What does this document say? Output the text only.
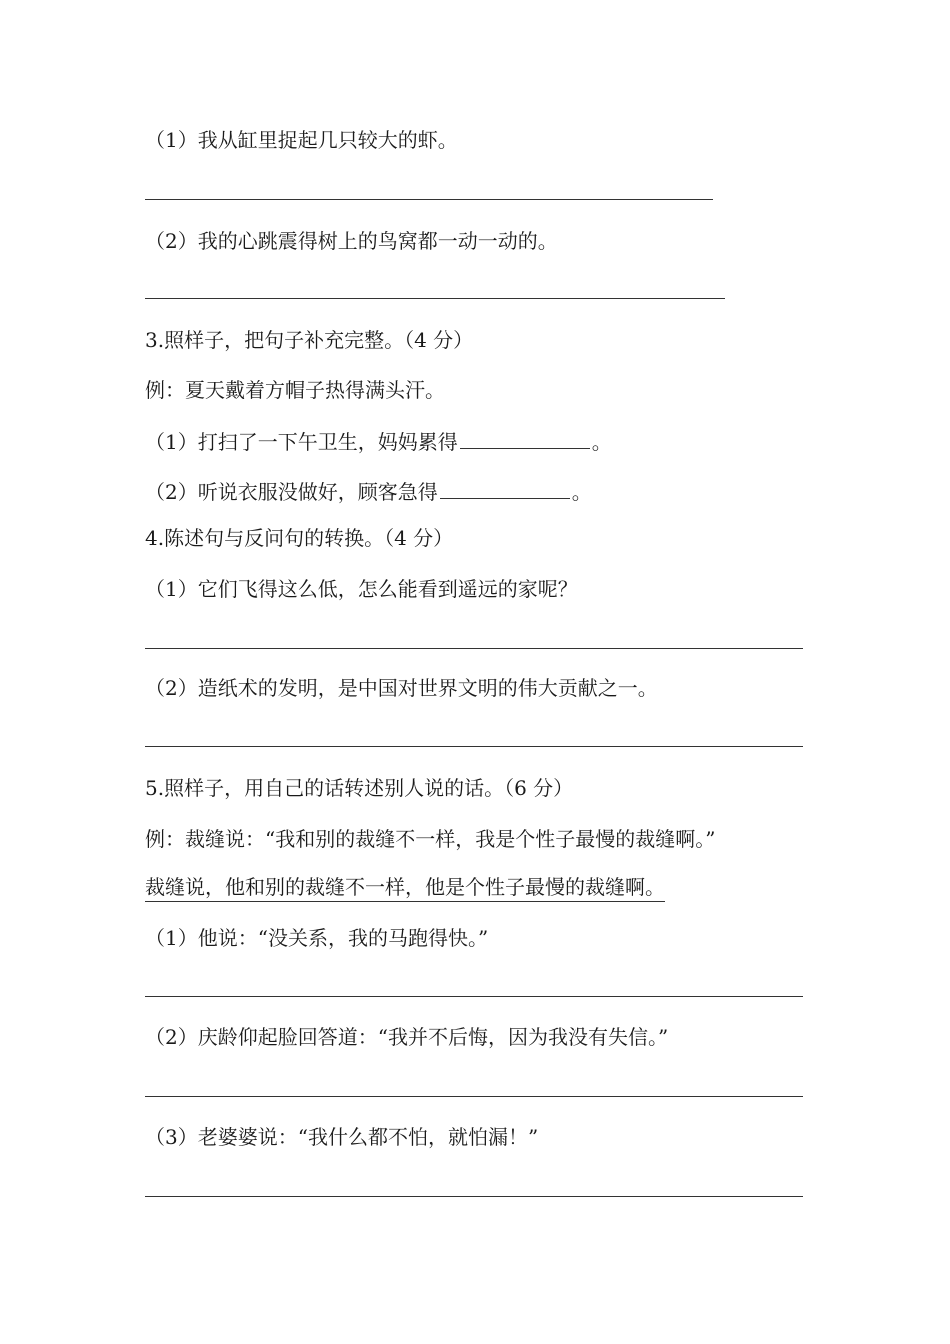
（1）我从缸里捉起几只较大的虾。
（2）我的心跳震得树上的鸟窝都一动一动的。
3.照样子，把句子补充完整。（4 分）
例：夏天戴着方帽子热得满头汗。
（1）打扫了一下午卫生，妈妈累得	。
（2）听说衣服没做好，顾客急得	。
4.陈述句与反问句的转换。（4 分）
（1）它们飞得这么低，怎么能看到遥远的家呢？
（2）造纸术的发明，是中国对世界文明的伟大贡献之一。
5.照样子，用自己的话转述别人说的话。（6 分）
例：裁缝说：“我和别的裁缝不一样，我是个性子最慢的裁缝啊。”
裁缝说，他和别的裁缝不一样，他是个性子最慢的裁缝啊。
（1）他说：“没关系，我的马跑得快。”
（2）庆龄仰起脸回答道：“我并不后悔，因为我没有失信。”
（3）老婆婆说：“我什么都不怕，就怕漏！”
